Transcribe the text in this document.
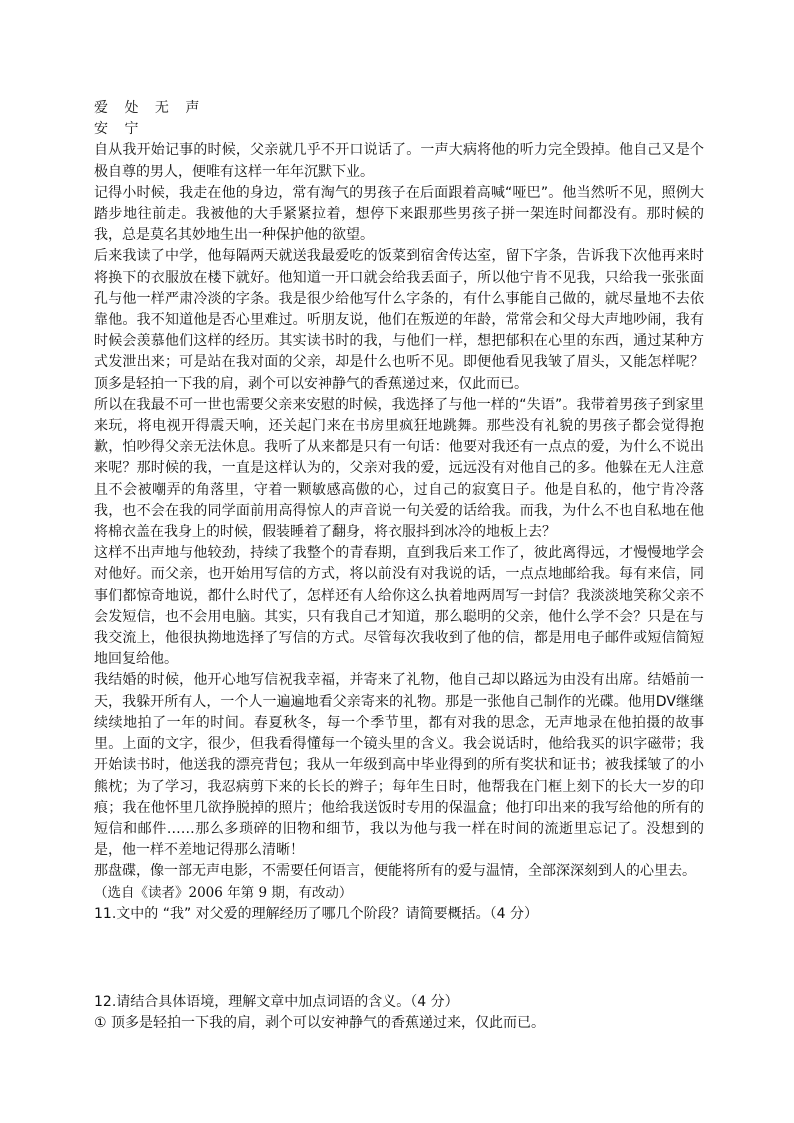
爱 处 无 声

安 宁

自从我开始记事的时候，父亲就几乎不开口说话了。一声大病将他的听力完全毁掉。他自己又是个极自尊的男人，便唯有这样一年年沉默下业。

记得小时候，我走在他的身边，常有淘气的男孩子在后面跟着高喊“哑巴”。他当然听不见，照例大踏步地往前走。我被他的大手紧紧拉着，想停下来跟那些男孩子拼一架连时间都没有。那时候的我，总是莫名其妙地生出一种保护他的欲望。

后来我读了中学，他每隔两天就送我最爱吃的饭菜到宿舍传达室，留下字条，告诉我下次他再来时将换下的衣服放在楼下就好。他知道一开口就会给我丢面子，所以他宁肯不见我，只给我一张张面孔与他一样严肃冷淡的字条。我是很少给他写什么字条的，有什么事能自己做的，就尽量地不去依靠他。我不知道他是否心里难过。听朋友说，他们在叛逆的年龄，常常会和父母大声地吵闹，我有时候会羡慕他们这样的经历。其实读书时的我，与他们一样，想把郁积在心里的东西，通过某种方式发泄出来；可是站在我对面的父亲，却是什么也听不见。即便他看见我皱了眉头，又能怎样呢？顶多是轻拍一下我的肩，剥个可以安神静气的香蕉递过来，仅此而已。

所以在我最不可一世也需要父亲来安慰的时候，我选择了与他一样的“失语”。我带着男孩子到家里来玩，将电视开得震天响，还关起门来在书房里疯狂地跳舞。那些没有礼貌的男孩子都会觉得抱歉，怕吵得父亲无法休息。我听了从来都是只有一句话：他要对我还有一点点的爱，为什么不说出来呢？那时候的我，一直是这样认为的，父亲对我的爱，远远没有对他自己的多。他躲在无人注意且不会被嘲弄的角落里，守着一颗敏感高傲的心，过自己的寂寞日子。他是自私的，他宁肯冷落我，也不会在我的同学面前用高得惊人的声音说一句关爱的话给我。而我，为什么不也自私地在他将棉衣盖在我身上的时候，假装睡着了翻身，将衣服抖到冰冷的地板上去？

这样不出声地与他较劲，持续了我整个的青春期，直到我后来工作了，彼此离得远，才慢慢地学会对他好。而父亲，也开始用写信的方式，将以前没有对我说的话，一点点地邮给我。每有来信，同事们都惊奇地说，都什么时代了，怎样还有人给你这么执着地两周写一封信？我淡淡地笑称父亲不会发短信，也不会用电脑。其实，只有我自己才知道，那么聪明的父亲，他什么学不会？只是在与我交流上，他很执拗地选择了写信的方式。尽管每次我收到了他的信，都是用电子邮件或短信简短地回复给他。

我结婚的时候，他开心地写信祝我幸福，并寄来了礼物，他自己却以路远为由没有出席。结婚前一天，我躲开所有人，一个人一遍遍地看父亲寄来的礼物。那是一张他自己制作的光碟。他用DV继继续续地拍了一年的时间。春夏秋冬，每一个季节里，都有对我的思念，无声地录在他拍摄的故事里。上面的文字，很少，但我看得懂每一个镜头里的含义。我会说话时，他给我买的识字磁带；我开始读书时，他送我的漂亮背包；我从一年级到高中毕业得到的所有奖状和证书；被我揉皱了的小熊枕；为了学习，我忍病剪下来的长长的辫子；每年生日时，他帮我在门框上刻下的长大一岁的印痕；我在他怀里几欲挣脱掉的照片；他给我送饭时专用的保温盒；他打印出来的我写给他的所有的短信和邮件……那么多琐碎的旧物和细节，我以为他与我一样在时间的流逝里忘记了。没想到的是，他一样不差地记得那么清晰！

那盘碟，像一部无声电影，不需要任何语言，便能将所有的爱与温情，全部深深刻到人的心里去。

（选自《读者》2006 年第 9 期，有改动）

11.文中的 “我” 对父爱的理解经历了哪几个阶段？请简要概括。（4 分）

12.请结合具体语境，理解文章中加点词语的含义。（4 分）

① 顶多是轻拍一下我的肩，剥个可以安神静气的香蕉递过来，仅此而已。
